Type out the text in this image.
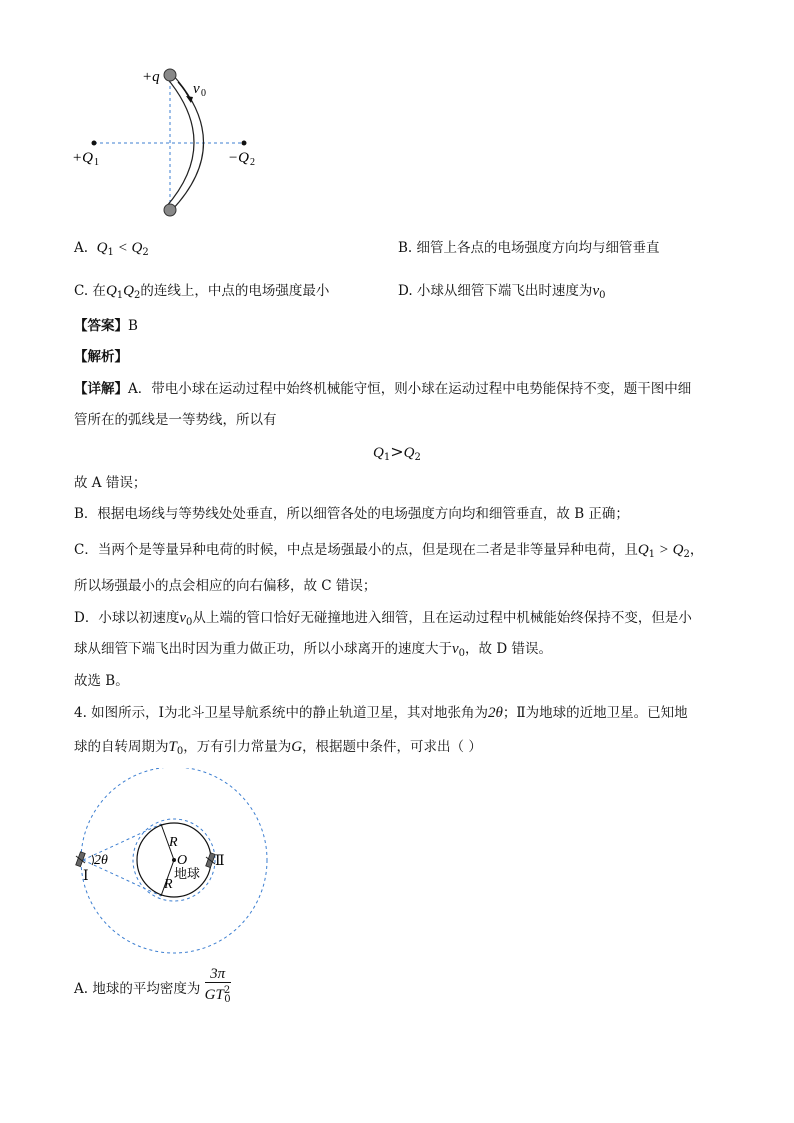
+q
v 0
+Q 1	−Q 2
A. $Q_1 < Q_2$	B. 细管上各点的电场强度方向均与细管垂直
C. 在$Q_1Q_2$的连线上，中点的电场强度最小	D. 小球从细管下端飞出时速度为$v_0$
【答案】B
【解析】
【详解】A．带电小球在运动过程中始终机械能守恒，则小球在运动过程中电势能保持不变，题干图中细
管所在的弧线是一等势线，所以有
$Q_1>Q_2$
故 A 错误；
B．根据电场线与等势线处处垂直，所以细管各处的电场强度方向均和细管垂直，故 B 正确；
C．当两个是等量异种电荷的时候，中点是场强最小的点，但是现在二者是非等量异种电荷，且$Q_1 > Q_2$，
所以场强最小的点会相应的向右偏移，故 C 错误；
D．小球以初速度$v_0$从上端的管口恰好无碰撞地进入细管，且在运动过程中机械能始终保持不变，但是小
球从细管下端飞出时因为重力做正功，所以小球离开的速度大于$v_0$，故 D 错误。
故选 B。
4. 如图所示，Ⅰ为北斗卫星导航系统中的静止轨道卫星，其对地张角为2θ；Ⅱ为地球的近地卫星。已知地
球的自转周期为$T_0$，万有引力常量为G，根据题中条件，可求出（ ）
2θ
Ⅰ
Ⅱ
R
R
O
地球
A. 地球的平均密度为 $\frac{3\pi}{GT^2_0}$
